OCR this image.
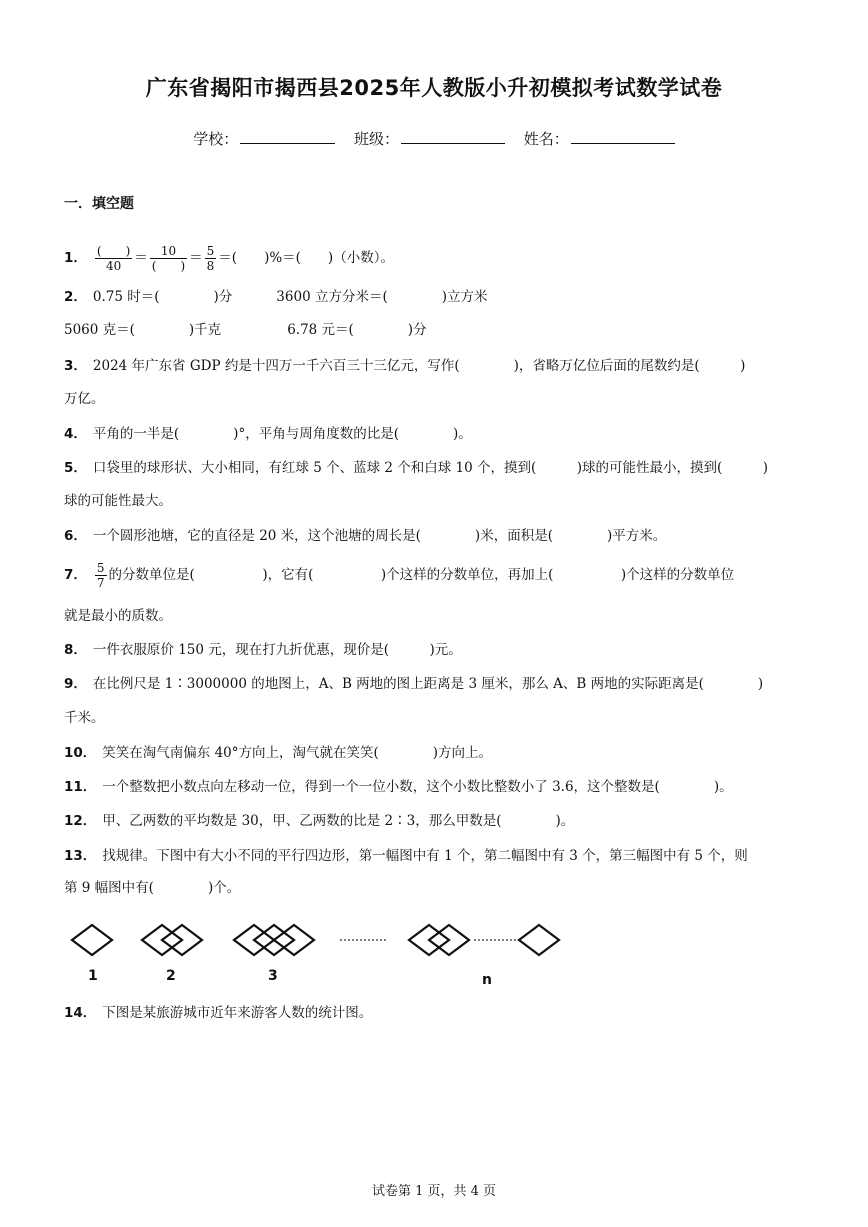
广东省揭阳市揭西县2025年人教版小升初模拟考试数学试卷
学校：	班级：	姓名：
一．填空题
1． $\frac{( )}{40} = \frac{10}{( )} = \frac{5}{8}$ ＝(　　)%＝(　　)（小数）。
2． 0.75 时＝(　　　　)分	3600 立方分米＝(　　　　)立方米
5060 克＝(　　　　)千克	6.78 元＝(　　　　)分
3． 2024 年广东省 GDP 约是十四万一千六百三十三亿元，写作(　　　　)，省略万亿位后面的尾数约是(　　　)
万亿。
4． 平角的一半是(　　　　)°，平角与周角度数的比是(　　　　)。
5． 口袋里的球形状、大小相同，有红球 5 个、蓝球 2 个和白球 10 个，摸到(　　　)球的可能性最小，摸到(　　　)
球的可能性最大。
6． 一个圆形池塘，它的直径是 20 米，这个池塘的周长是(　　　　)米，面积是(　　　　)平方米。
7． $\frac{5}{7}$ 的分数单位是(　　　　　)，它有(　　　　　)个这样的分数单位，再加上(　　　　　)个这样的分数单位
就是最小的质数。
8． 一件衣服原价 150 元，现在打九折优惠，现价是(　　　)元。
9． 在比例尺是 1∶3000000 的地图上，A、B 两地的图上距离是 3 厘米，那么 A、B 两地的实际距离是(　　　　)
千米。
10． 笑笑在淘气南偏东 40°方向上，淘气就在笑笑(　　　　)方向上。
11． 一个整数把小数点向左移动一位，得到一个一位小数，这个小数比整数小了 3.6，这个整数是(　　　　)。
12． 甲、乙两数的平均数是 30，甲、乙两数的比是 2∶3，那么甲数是(　　　　)。
13． 找规律。下图中有大小不同的平行四边形，第一幅图中有 1 个，第二幅图中有 3 个，第三幅图中有 5 个，则
第 9 幅图中有(　　　　)个。
1	2	3	n
14． 下图是某旅游城市近年来游客人数的统计图。
试卷第 1 页，共 4 页
